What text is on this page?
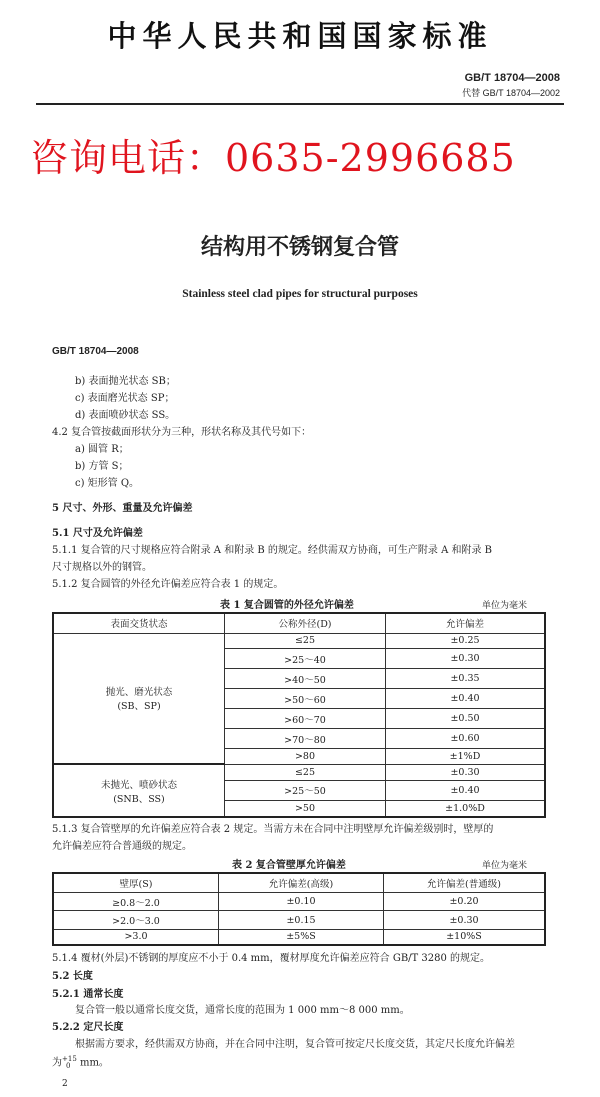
中华人民共和国国家标准
GB/T 18704—2008
代替 GB/T 18704—2002
咨询电话：0635-2996685
结构用不锈钢复合管
Stainless steel clad pipes for structural purposes
GB/T 18704—2008
b) 表面抛光状态 SB；
c) 表面磨光状态 SP；
d) 表面喷砂状态 SS。
4.2 复合管按截面形状分为三种，形状名称及其代号如下：
a) 圆管 R；
b) 方管 S；
c) 矩形管 Q。
5 尺寸、外形、重量及允许偏差
5.1 尺寸及允许偏差
5.1.1 复合管的尺寸规格应符合附录 A 和附录 B 的规定。经供需双方协商，可生产附录 A 和附录 B
尺寸规格以外的钢管。
5.1.2 复合圆管的外径允许偏差应符合表 1 的规定。
表 1 复合圆管的外径允许偏差	单位为毫米
表面交货状态	公称外径(D)	允许偏差

抛光、磨光状态
(SB、SP)	≤25	±0.25
	>25～40	±0.30
	>40～50	±0.35
	>50～60	±0.40
	>60～70	±0.50
	>70～80	±0.60
	>80	±1%D

未抛光、喷砂状态
(SNB、SS)	≤25	±0.30
	>25～50	±0.40
	>50	±1.0%D
5.1.3 复合管壁厚的允许偏差应符合表 2 规定。当需方未在合同中注明壁厚允许偏差级别时，壁厚的
允许偏差应符合普通级的规定。
表 2 复合管壁厚允许偏差	单位为毫米
壁厚(S)	允许偏差(高级)	允许偏差(普通级)
≥0.8～2.0	±0.10	±0.20
>2.0～3.0	±0.15	±0.30
>3.0	±5%S	±10%S
5.1.4 覆材(外层)不锈钢的厚度应不小于 0.4 mm，覆材厚度允许偏差应符合 GB/T 3280 的规定。
5.2 长度
5.2.1 通常长度
复合管一般以通常长度交货，通常长度的范围为 1 000 mm～8 000 mm。
5.2.2 定尺长度
根据需方要求，经供需双方协商，并在合同中注明，复合管可按定尺长度交货，其定尺长度允许偏差
为 +15
0 mm。
2
